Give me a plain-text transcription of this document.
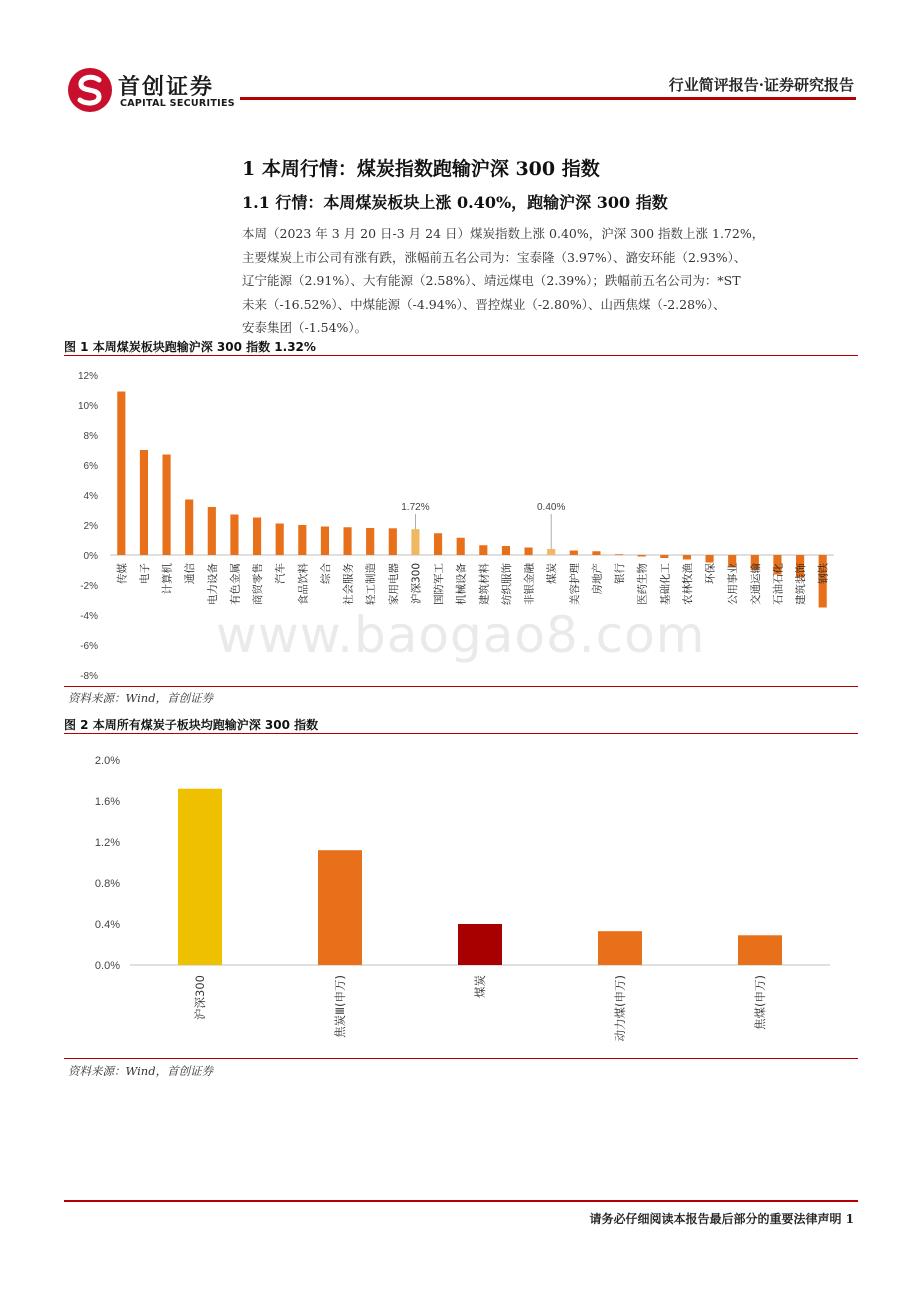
首创证券
CAPITAL SECURITIES
行业简评报告·证券研究报告
1 本周行情：煤炭指数跑输沪深 300 指数
1.1 行情：本周煤炭板块上涨 0.40%，跑输沪深 300 指数
本周（2023 年 3 月 20 日-3 月 24 日）煤炭指数上涨 0.40%，沪深 300 指数上涨 1.72%，
主要煤炭上市公司有涨有跌，涨幅前五名公司为：宝泰隆（3.97%）、潞安环能（2.93%）、
辽宁能源（2.91%）、大有能源（2.58%）、靖远煤电（2.39%）；跌幅前五名公司为：*ST
未来（-16.52%）、中煤能源（-4.94%）、晋控煤业（-2.80%）、山西焦煤（-2.28%）、
安泰集团（-1.54%）。
图 1 本周煤炭板块跑输沪深 300 指数 1.32%
12%
10%
8%
6%
4%
2%
0%
-2%
-4%
-6%
-8%
传媒 电子 计算机 通信 电力设备 有色金属 商贸零售 汽车 食品饮料 综合 社会服务 轻工制造 家用电器 沪深300 国防军工 机械设备 建筑材料 纺织服饰 非银金融 煤炭 美容护理 房地产 银行 医药生物 基础化工 农林牧渔 环保 公用事业 交通运输 石油石化 建筑装饰 钢铁
1.72%	0.40%
资料来源：Wind，首创证券
图 2 本周所有煤炭子板块均跑输沪深 300 指数
2.0%
1.6%
1.2%
0.8%
0.4%
0.0%
沪深300	焦炭Ⅲ(申万)	煤炭	动力煤(申万)	焦煤(申万)
资料来源：Wind，首创证券
www.baogao8.com
请务必仔细阅读本报告最后部分的重要法律声明 1
